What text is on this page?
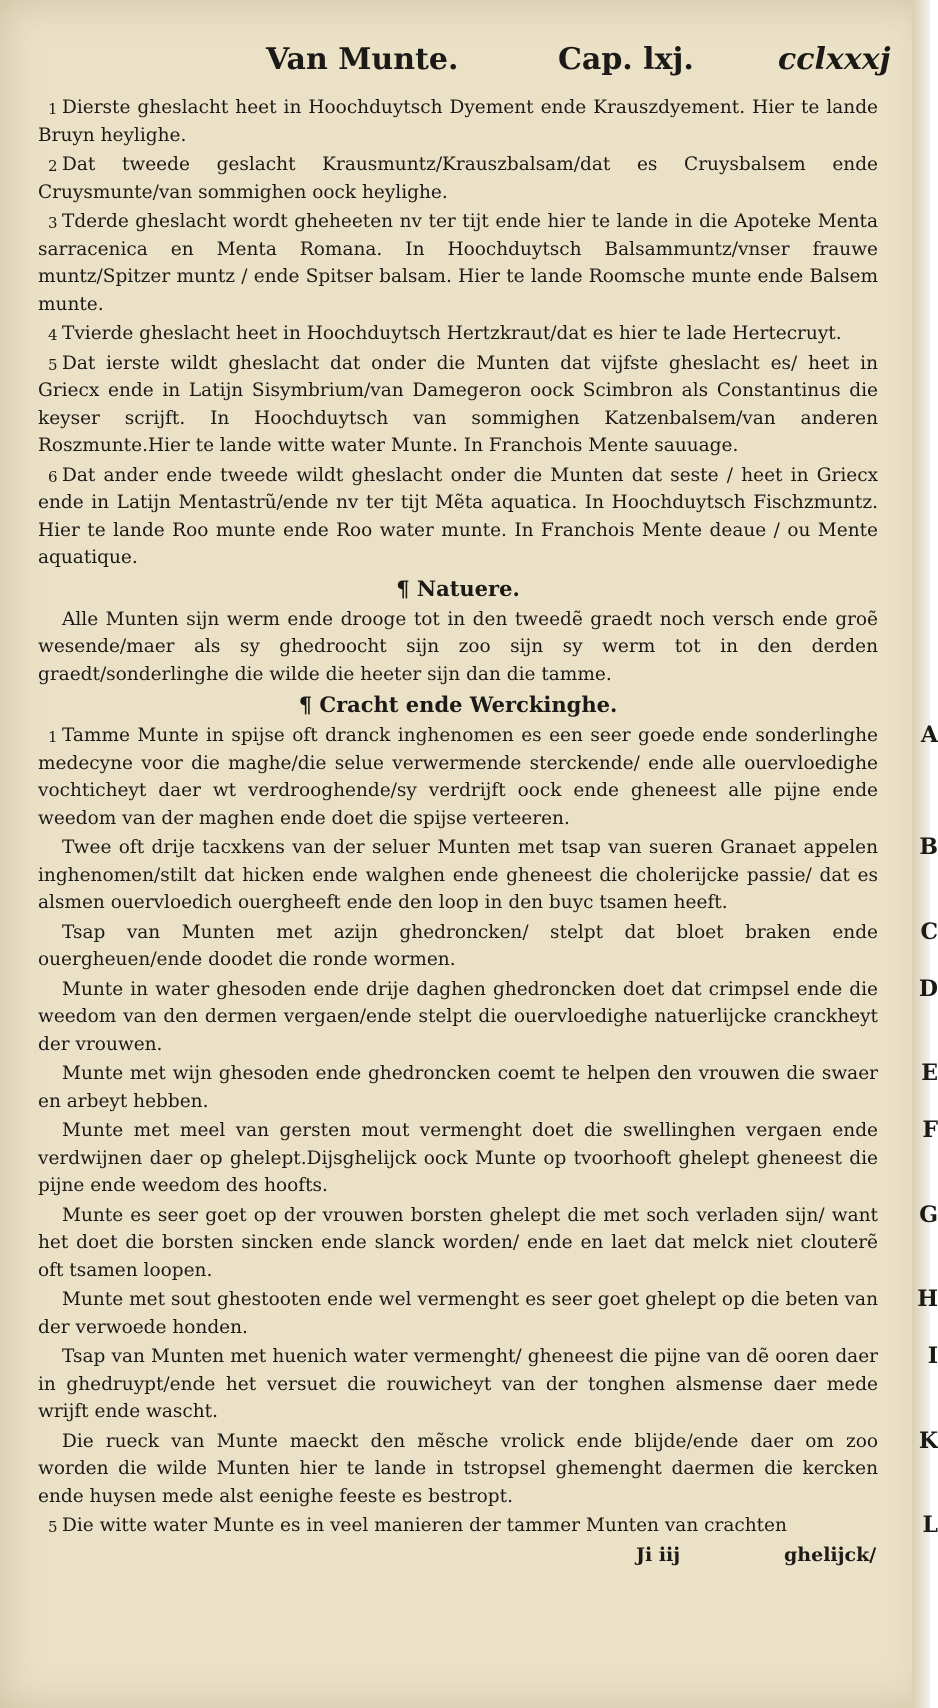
Van Munte.	Cap. lxj.	cclxxxj
1 Dierste gheslacht heet in Hoochduytsch Dyement ende Krauszdyement. Hier te lande Bruyn heylighe.
2 Dat tweede geslacht Krausmuntz/Krauszbalsam/dat es Cruysbalsem ende Cruysmunte/van sommighen oock heylighe.
3 Tderde gheslacht wordt gheheeten nv ter tijt ende hier te lande in die Apoteke Menta sarracenica en Menta Romana. In Hoochduytsch Balsammuntz/vnser frauwe muntz/Spitzer muntz / ende Spitser balsam. Hier te lande Roomsche munte ende Balsem munte.
4 Tvierde gheslacht heet in Hoochduytsch Hertzkraut/dat es hier te lade Hertecruyt.
5 Dat ierste wildt gheslacht dat onder die Munten dat vijfste gheslacht es/ heet in Griecx ende in Latijn Sisymbrium/van Damegeron oock Scimbron als Constantinus die keyser scrijft. In Hoochduytsch van sommighen Katzenbalsem/van anderen Roszmunte.Hier te lande witte water Munte. In Franchois Mente sauuage.
6 Dat ander ende tweede wildt gheslacht onder die Munten dat seste / heet in Griecx ende in Latijn Mentastrũ/ende nv ter tijt Mẽta aquatica. In Hoochduytsch Fischzmuntz. Hier te lande Roo munte ende Roo water munte. In Franchois Mente deaue / ou Mente aquatique.
¶ Natuere.
Alle Munten sijn werm ende drooge tot in den tweedẽ graedt noch versch ende groẽ wesende/maer als sy ghedroocht sijn zoo sijn sy werm tot in den derden graedt/sonderlinghe die wilde die heeter sijn dan die tamme.
¶ Cracht ende Werckinghe.
1	A
Tamme Munte in spijse oft dranck inghenomen es een seer goede ende sonderlinghe medecyne voor die maghe/die selue verwermende sterckende/ ende alle ouervloedighe vochticheyt daer wt verdrooghende/sy verdrijft oock ende gheneest alle pijne ende weedom van der maghen ende doet die spijse verteeren.
B
Twee oft drije tacxkens van der seluer Munten met tsap van sueren Granaet appelen inghenomen/stilt dat hicken ende walghen ende gheneest die cholerijcke passie/ dat es alsmen ouervloedich ouergheeft ende den loop in den buyc tsamen heeft.
C
Tsap van Munten met azijn ghedroncken/ stelpt dat bloet braken ende ouergheuen/ende doodet die ronde wormen.
D
Munte in water ghesoden ende drije daghen ghedroncken doet dat crimpsel ende die weedom van den dermen vergaen/ende stelpt die ouervloedighe natuerlijcke cranckheyt der vrouwen.
E
Munte met wijn ghesoden ende ghedroncken coemt te helpen den vrouwen die swaer en arbeyt hebben.
F
Munte met meel van gersten mout vermenght doet die swellinghen vergaen ende verdwijnen daer op ghelept.Dijsghelijck oock Munte op tvoorhooft ghelept gheneest die pijne ende weedom des hoofts.
G
Munte es seer goet op der vrouwen borsten ghelept die met soch verladen sijn/ want het doet die borsten sincken ende slanck worden/ ende en laet dat melck niet clouterẽ oft tsamen loopen.
H
Munte met sout ghestooten ende wel vermenght es seer goet ghelept op die beten van der verwoede honden.
I
Tsap van Munten met huenich water vermenght/ gheneest die pijne van dẽ ooren daer in ghedruypt/ende het versuet die rouwicheyt van der tonghen alsmense daer mede wrijft ende wascht.
K
Die rueck van Munte maeckt den mẽsche vrolick ende blijde/ende daer om zoo worden die wilde Munten hier te lande in tstropsel ghemenght daermen die kercken ende huysen mede alst eenighe feeste es bestropt.
5	L
Die witte water Munte es in veel manieren der tammer Munten van crachten
Ji iij	ghelijck/
